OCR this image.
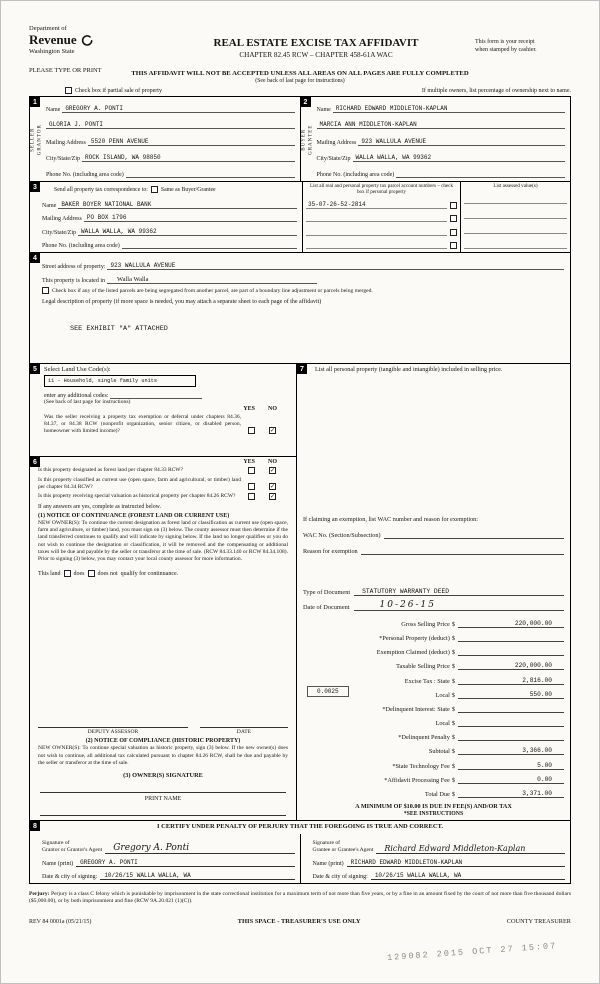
Department of
Revenue
Washington State
REAL ESTATE EXCISE TAX AFFIDAVIT
CHAPTER 82.45 RCW – CHAPTER 458-61A WAC
This form is your receipt
when stamped by cashier.
PLEASE TYPE OR PRINT	THIS AFFIDAVIT WILL NOT BE ACCEPTED UNLESS ALL AREAS ON ALL PAGES ARE FULLY COMPLETED
(See back of last page for instructions)
Check box if partial sale of property	If multiple owners, list percentage of ownership next to name.
1
SELLER GRANTOR
Name GREGORY A. PONTI
GLORIA J. PONTI
Mailing Address 5520 PENN AVENUE
City/State/Zip ROCK ISLAND, WA 98850
Phone No. (including area code)
2
BUYER GRANTEE
Name RICHARD EDWARD MIDDLETON-KAPLAN
MARCIA ANN MIDDLETON-KAPLAN
Mailing Address 923 WALLULA AVENUE
City/State/Zip WALLA WALLA, WA 99362
Phone No. (including area code)
3	Send all property tax correspondence to: Same as Buyer/Grantee
Name BAKER BOYER NATIONAL BANK
Mailing Address PO BOX 1796
City/State/Zip WALLA WALLA, WA 99362
Phone No. (including area code)
List all real and personal property tax parcel account numbers – check box if personal property
35-07-26-52-2814
List assessed value(s)
4
Street address of property: 923 WALLULA AVENUE
This property is located in	Walla Walla
Check box if any of the listed parcels are being segregated from another parcel, are part of a boundary line adjustment or parcels being merged.
Legal description of property (if more space is needed, you may attach a separate sheet to each page of the affidavit)
SEE EXHIBIT "A" ATTACHED
5	Select Land Use Code(s):
11 - Household, single family units
enter any additional codes:
(See back of last page for instructions)
YES NO
Was the seller receiving a property tax exemption or deferral under chapters 84.36, 84.37, or 84.38 RCW (nonprofit organization, senior citizen, or disabled person, homeowner with limited income)?	✓
6	YES NO
Is this property designated as forest land per chapter 84.33 RCW?	✓
Is this property classified as current use (open space, farm and agricultural, or timber) land per chapter 84.34 RCW?	✓
Is this property receiving special valuation as historical property per chapter 84.26 RCW?	✓
If any answers are yes, complete as instructed below.
(1) NOTICE OF CONTINUANCE (FOREST LAND OR CURRENT USE)
NEW OWNER(S): To continue the current designation as forest land or classification as current use (open space, farm and agriculture, or timber) land, you must sign on (3) below. The county assessor must then determine if the land transferred continues to qualify and will indicate by signing below. If the land no longer qualifies or you do not wish to continue the designation or classification, it will be removed and the compensating or additional taxes will be due and payable by the seller or transferor at the time of sale. (RCW 84.33.140 or RCW 84.34.108). Prior to signing (3) below, you may contact your local county assessor for more information.
This land does does not qualify for continuance.
DEPUTY ASSESSOR	DATE
(2) NOTICE OF COMPLIANCE (HISTORIC PROPERTY)
NEW OWNER(S): To continue special valuation as historic property, sign (3) below. If the new owner(s) does not wish to continue, all additional tax calculated pursuant to chapter 84.26 RCW, shall be due and payable by the seller or transferor at the time of sale.
(3) OWNER(S) SIGNATURE
PRINT NAME
7	List all personal property (tangible and intangible) included in selling price.
If claiming an exemption, list WAC number and reason for exemption:
WAC No. (Section/Subsection)
Reason for exemption
Type of Document	STATUTORY WARRANTY DEED
Date of Document	10-26-15
Gross Selling Price $	220,000.00
*Personal Property (deduct) $
Exemption Claimed (deduct) $
Taxable Selling Price $	220,000.00
Excise Tax : State $	2,816.00
0.0025
Local $	550.00
*Delinquent Interest: State $
Local $
*Delinquent Penalty $
Subtotal $	3,366.00
*State Technology Fee $	5.00
*Affidavit Processing Fee $	0.00
Total Due $	3,371.00
A MINIMUM OF $10.00 IS DUE IN FEE(S) AND/OR TAX
*SEE INSTRUCTIONS
8	I CERTIFY UNDER PENALTY OF PERJURY THAT THE FOREGOING IS TRUE AND CORRECT.
Signature of
Grantor or Grantor's Agent	Gregory A. Ponti
Name (print)	GREGORY A. PONTI
Date & city of signing:	10/26/15 WALLA WALLA, WA
Signature of
Grantee or Grantee's Agent	Richard Edward Middleton-Kaplan
Name (print)	RICHARD EDWARD MIDDLETON-KAPLAN
Date & city of signing:	10/26/15 WALLA WALLA, WA
Perjury: Perjury is a class C felony which is punishable by imprisonment in the state correctional institution for a maximum term of not more than five years, or by a fine in an amount fixed by the court of not more than five thousand dollars ($5,000.00), or by both imprisonment and fine (RCW 9A.20.021 (1)(C)).
REV 84 0001a (05/21/15)	THIS SPACE - TREASURER'S USE ONLY	COUNTY TREASURER
129082 2015 OCT 27 15:07
